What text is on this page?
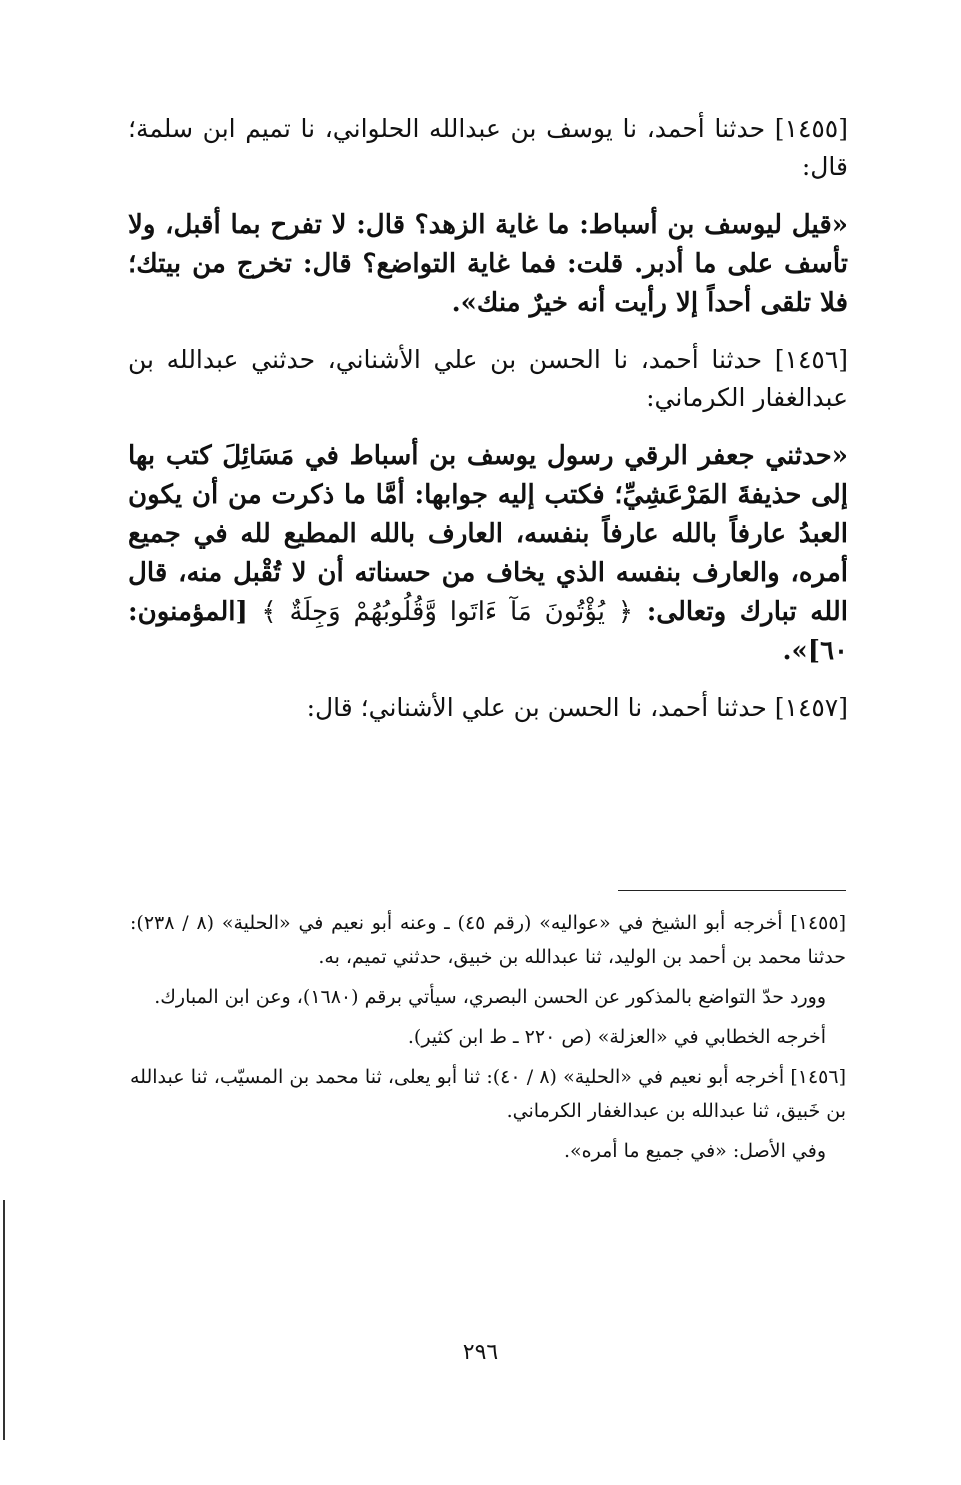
[١٤٥٥] حدثنا أحمد، نا يوسف بن عبدالله الحلواني، نا تميم ابن سلمة؛ قال:

«قيل ليوسف بن أسباط: ما غاية الزهد؟ قال: لا تفرح بما أقبل، ولا تأسف على ما أدبر. قلت: فما غاية التواضع؟ قال: تخرج من بيتك؛ فلا تلقى أحداً إلا رأيت أنه خيرٌ منك».

[١٤٥٦] حدثنا أحمد، نا الحسن بن علي الأشناني، حدثني عبدالله بن عبدالغفار الكرماني:

«حدثني جعفر الرقي رسول يوسف بن أسباط في مَسَائِلَ كتب بها إلى حذيفةَ المَرْعَشِيِّ؛ فكتب إليه جوابها: أمَّا ما ذكرت من أن يكون العبدُ عارفاً بالله عارفاً بنفسه، العارف بالله المطيع لله في جميع أمره، والعارف بنفسه الذي يخاف من حسناته أن لا تُقْبل منه، قال الله تبارك وتعالى: ﴿ يُؤْتُونَ مَآ ءَاتَوا وَّقُلُوبُهُمْ وَجِلَةٌ ﴾ [المؤمنون: ٦٠]».

[١٤٥٧] حدثنا أحمد، نا الحسن بن علي الأشناني؛ قال:

[١٤٥٥] أخرجه أبو الشيخ في «عواليه» (رقم ٤٥) ـ وعنه أبو نعيم في «الحلية» (٨ / ٢٣٨): حدثنا محمد بن أحمد بن الوليد، ثنا عبدالله بن خبيق، حدثني تميم، به.

وورد حدّ التواضع بالمذكور عن الحسن البصري، سيأتي برقم (١٦٨٠)، وعن ابن المبارك.

أخرجه الخطابي في «العزلة» (ص ٢٢٠ ـ ط ابن كثير).

[١٤٥٦] أخرجه أبو نعيم في «الحلية» (٨ / ٤٠): ثنا أبو يعلى، ثنا محمد بن المسيّب، ثنا عبدالله بن خَبيق، ثنا عبدالله بن عبدالغفار الكرماني.

وفي الأصل: «في جميع ما أمره».

٢٩٦
